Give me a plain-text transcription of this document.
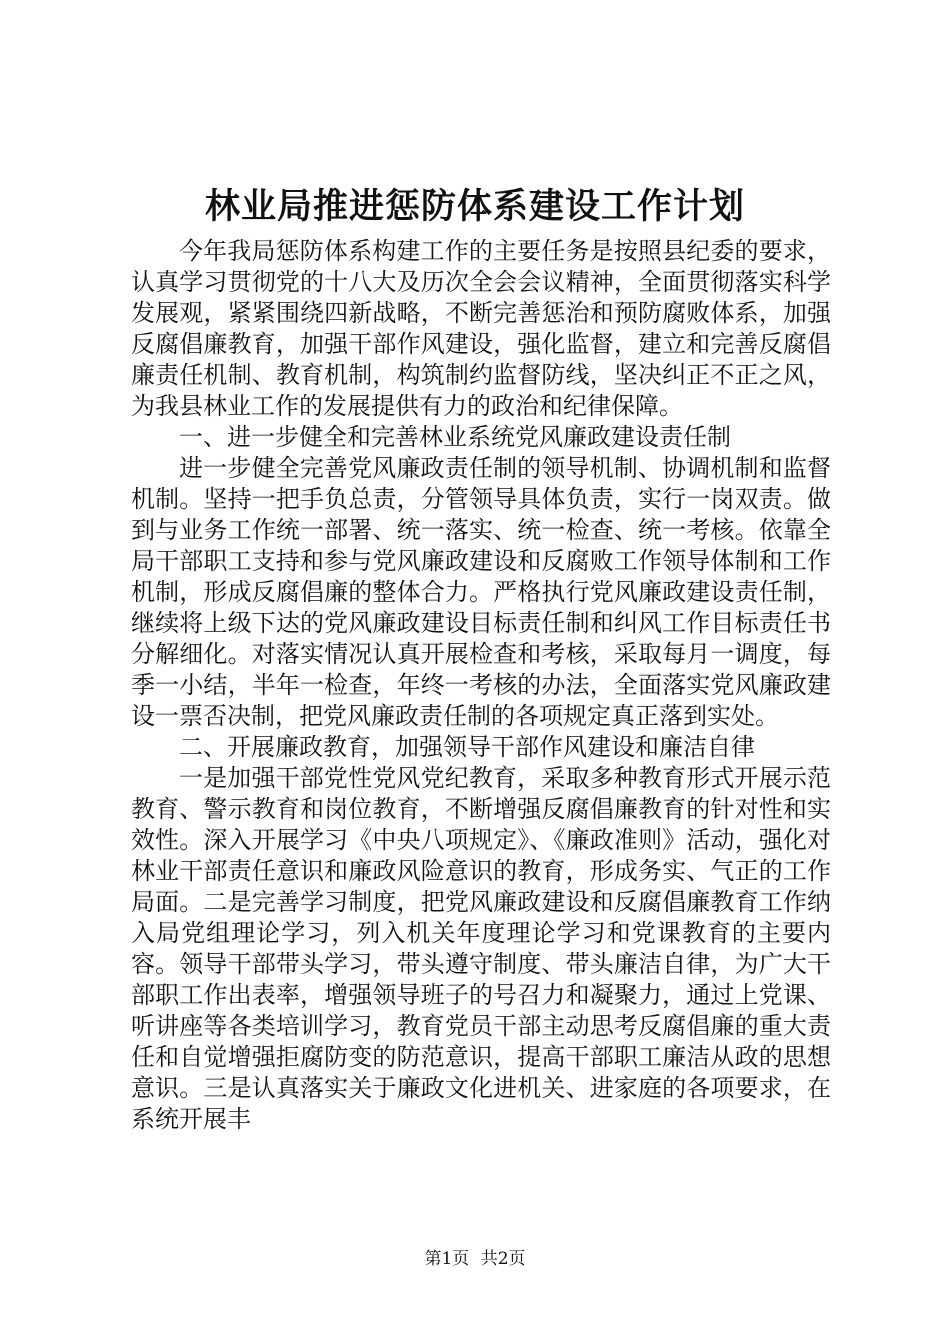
林业局推进惩防体系建设工作计划

今年我局惩防体系构建工作的主要任务是按照县纪委的要求，认真学习贯彻党的十八大及历次全会会议精神，全面贯彻落实科学发展观，紧紧围绕四新战略，不断完善惩治和预防腐败体系，加强反腐倡廉教育，加强干部作风建设，强化监督，建立和完善反腐倡廉责任机制、教育机制，构筑制约监督防线，坚决纠正不正之风，为我县林业工作的发展提供有力的政治和纪律保障。

一、进一步健全和完善林业系统党风廉政建设责任制

进一步健全完善党风廉政责任制的领导机制、协调机制和监督机制。坚持一把手负总责，分管领导具体负责，实行一岗双责。做到与业务工作统一部署、统一落实、统一检查、统一考核。依靠全局干部职工支持和参与党风廉政建设和反腐败工作领导体制和工作机制，形成反腐倡廉的整体合力。严格执行党风廉政建设责任制，继续将上级下达的党风廉政建设目标责任制和纠风工作目标责任书分解细化。对落实情况认真开展检查和考核，采取每月一调度，每季一小结，半年一检查，年终一考核的办法，全面落实党风廉政建设一票否决制，把党风廉政责任制的各项规定真正落到实处。

二、开展廉政教育，加强领导干部作风建设和廉洁自律

一是加强干部党性党风党纪教育，采取多种教育形式开展示范教育、警示教育和岗位教育，不断增强反腐倡廉教育的针对性和实效性。深入开展学习《中央八项规定》、《廉政准则》活动，强化对林业干部责任意识和廉政风险意识的教育，形成务实、气正的工作局面。二是完善学习制度，把党风廉政建设和反腐倡廉教育工作纳入局党组理论学习，列入机关年度理论学习和党课教育的主要内容。领导干部带头学习，带头遵守制度、带头廉洁自律，为广大干部职工作出表率，增强领导班子的号召力和凝聚力，通过上党课、听讲座等各类培训学习，教育党员干部主动思考反腐倡廉的重大责任和自觉增强拒腐防变的防范意识，提高干部职工廉洁从政的思想意识。三是认真落实关于廉政文化进机关、进家庭的各项要求，在系统开展丰

第1页 共2页
